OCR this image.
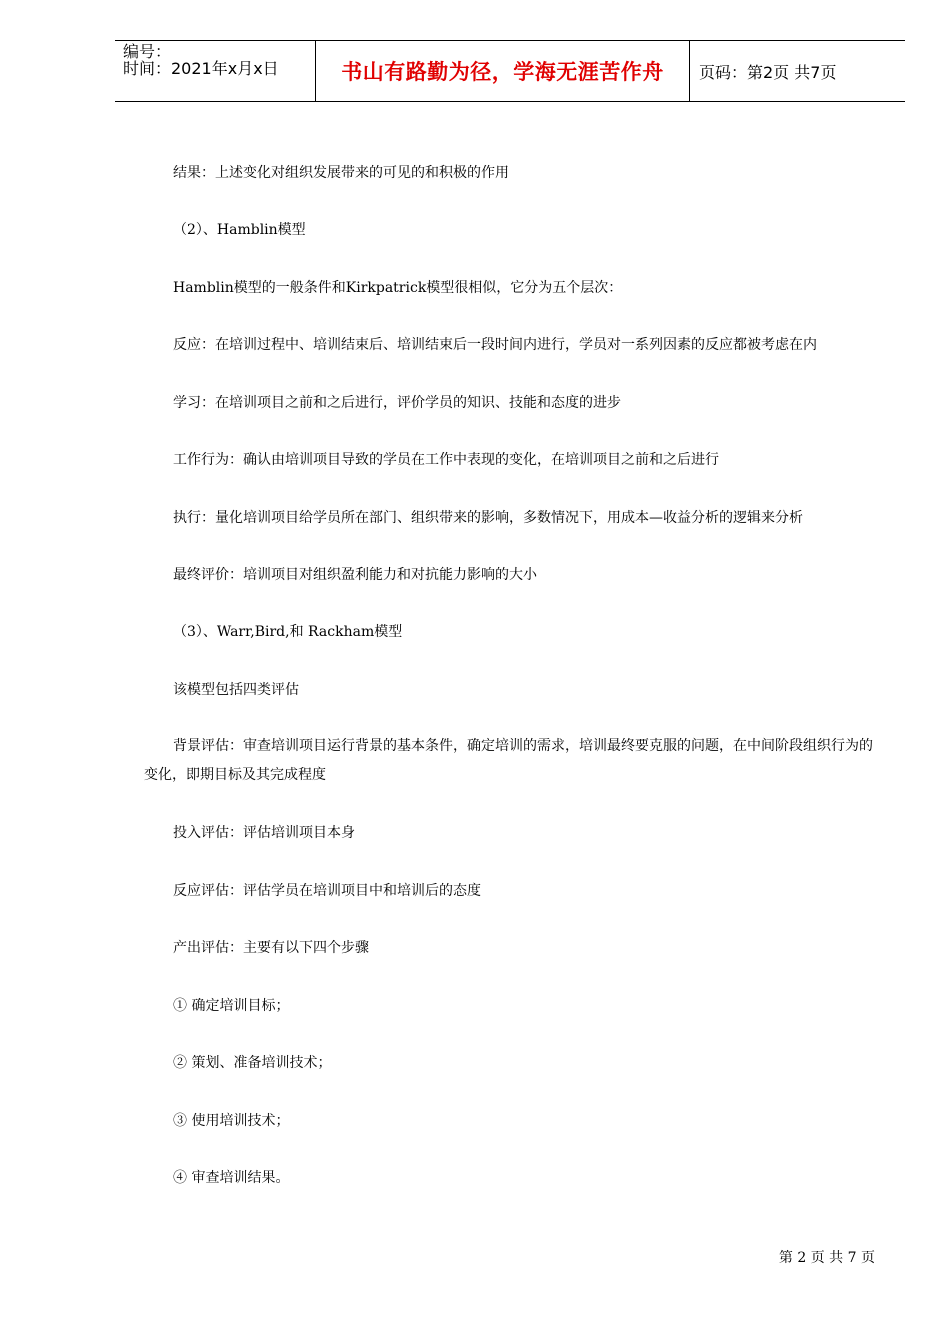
编号：
时间：2021年x月x日	书山有路勤为径，学海无涯苦作舟	页码：第2页 共7页
结果：上述变化对组织发展带来的可见的和积极的作用
（2）、Hamblin模型
Hamblin模型的一般条件和Kirkpatrick模型很相似，它分为五个层次：
反应：在培训过程中、培训结束后、培训结束后一段时间内进行，学员对一系列因素的反应都被考虑在内
学习：在培训项目之前和之后进行，评价学员的知识、技能和态度的进步
工作行为：确认由培训项目导致的学员在工作中表现的变化，在培训项目之前和之后进行
执行：量化培训项目给学员所在部门、组织带来的影响，多数情况下，用成本—收益分析的逻辑来分析
最终评价：培训项目对组织盈利能力和对抗能力影响的大小
（3）、Warr,Bird,和 Rackham模型
该模型包括四类评估
背景评估：审查培训项目运行背景的基本条件，确定培训的需求，培训最终要克服的问题，在中间阶段组织行为的变化，即期目标及其完成程度
投入评估：评估培训项目本身
反应评估：评估学员在培训项目中和培训后的态度
产出评估：主要有以下四个步骤
① 确定培训目标；
② 策划、准备培训技术；
③ 使用培训技术；
④ 审查培训结果。
第 2 页 共 7 页
